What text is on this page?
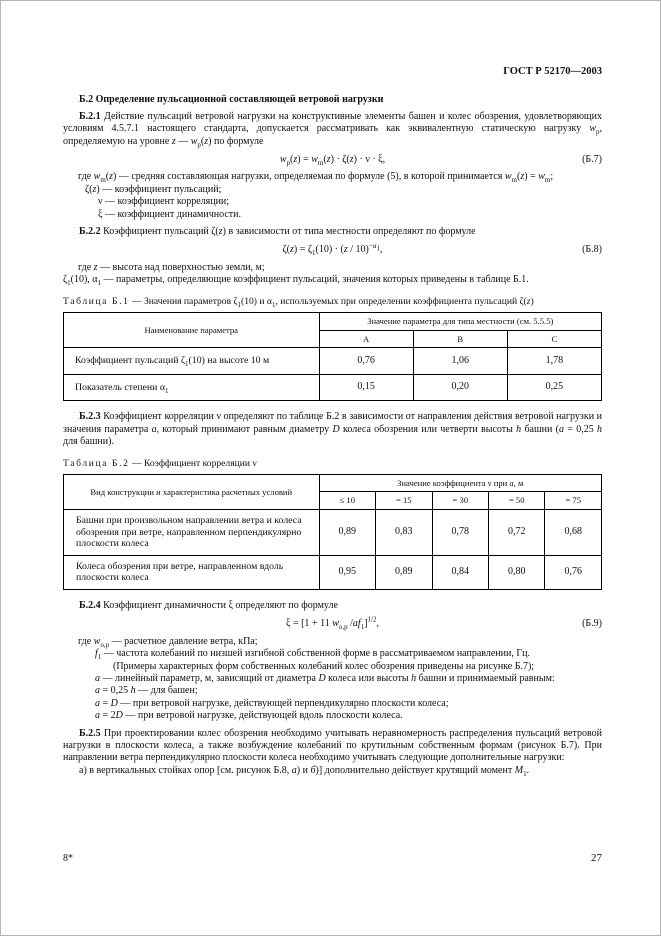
ГОСТ Р 52170—2003
Б.2 Определение пульсационной составляющей ветровой нагрузки

Б.2.1 Действие пульсаций ветровой нагрузки на конструктивные элементы башен и колес обозрения, удовлетворяющих условиям 4.5.7.1 настоящего стандарта, допускается рассматривать как эквивалентную статическую нагрузку $w_р$, определяемую на уровне z — $w_р(z)$ по формуле

$w_р(z) = w_m(z) \cdot \zeta(z) \cdot \nu \cdot \xi$,	(Б.7)

где $w_m(z)$ — средняя составляющая нагрузки, определяемая по формуле (5), в которой принимается $w_m(z) = w_m$;

ζ(z) — коэффициент пульсаций;

ν — коэффициент корреляции;

ξ — коэффициент динамичности.

Б.2.2 Коэффициент пульсаций ζ(z) в зависимости от типа местности определяют по формуле

$\zeta(z) = \zeta_1(10) \cdot (z / 10)^{-\alpha_1}$,	(Б.8)

где z — высота над поверхностью земли, м;

$\zeta_1(10)$, $\alpha_1$ — параметры, определяющие коэффициент пульсаций, значения которых приведены в таблице Б.1.

Таблица Б.1 — Значения параметров $\zeta_1(10)$ и $\alpha_1$, используемых при определении коэффициента пульсаций ζ(z)

Наименование параметра	Значение параметра для типа местности (см. 5.5.5)		
	А	В	С
Коэффициент пульсаций $\zeta_1(10)$ на высоте 10 м	0,76	1,06	1,78
Показатель степени $\alpha_1$	0,15	0,20	0,25

Б.2.3 Коэффициент корреляции ν определяют по таблице Б.2 в зависимости от направления действия ветровой нагрузки и значения параметра а, который принимают равным диаметру D колеса обозрения или четверти высоты h башни (а = 0,25 h для башни).

Таблица Б.2 — Коэффициент корреляции ν

Вид конструкции и характеристика расчетных условий	Значение коэффициента ν при а, м				
	≤ 10	= 15	= 30	= 50	= 75
Башни при произвольном направлении ветра и колеса обозрения при ветре, направленном перпендикулярно плоскости колеса	0,89	0,83	0,78	0,72	0,68
Колеса обозрения при ветре, направленном вдоль плоскости колеса	0,95	0,89	0,84	0,80	0,76

Б.2.4 Коэффициент динамичности ξ определяют по формуле

ξ = [1 + 11 $w_{о,р}$ $/af_1]^{1/2}$,	(Б.9)

где $w_{о,р}$ — расчетное давление ветра, кПа;

$f_1$ — частота колебаний по низшей изгибной собственной форме в рассматриваемом направлении, Гц.

(Примеры характерных форм собственных колебаний колес обозрения приведены на рисунке Б.7);

а — линейный параметр, м, зависящий от диаметра D колеса или высоты h башни и принимаемый равным:

а = 0,25 h — для башен;

а = D — при ветровой нагрузке, действующей перпендикулярно плоскости колеса;

а = 2D — при ветровой нагрузке, действующей вдоль плоскости колеса.

Б.2.5 При проектировании колес обозрения необходимо учитывать неравномерность распределения пульсаций ветровой нагрузки в плоскости колеса, а также возбуждение колебаний по крутильным собственным формам (рисунок Б.7). При направлении ветра перпендикулярно плоскости колеса необходимо учитывать следующие дополнительные нагрузки:

а) в вертикальных стойках опор [см. рисунок Б.8, а) и б)] дополнительно действует крутящий момент $М_1$.

8*	27
